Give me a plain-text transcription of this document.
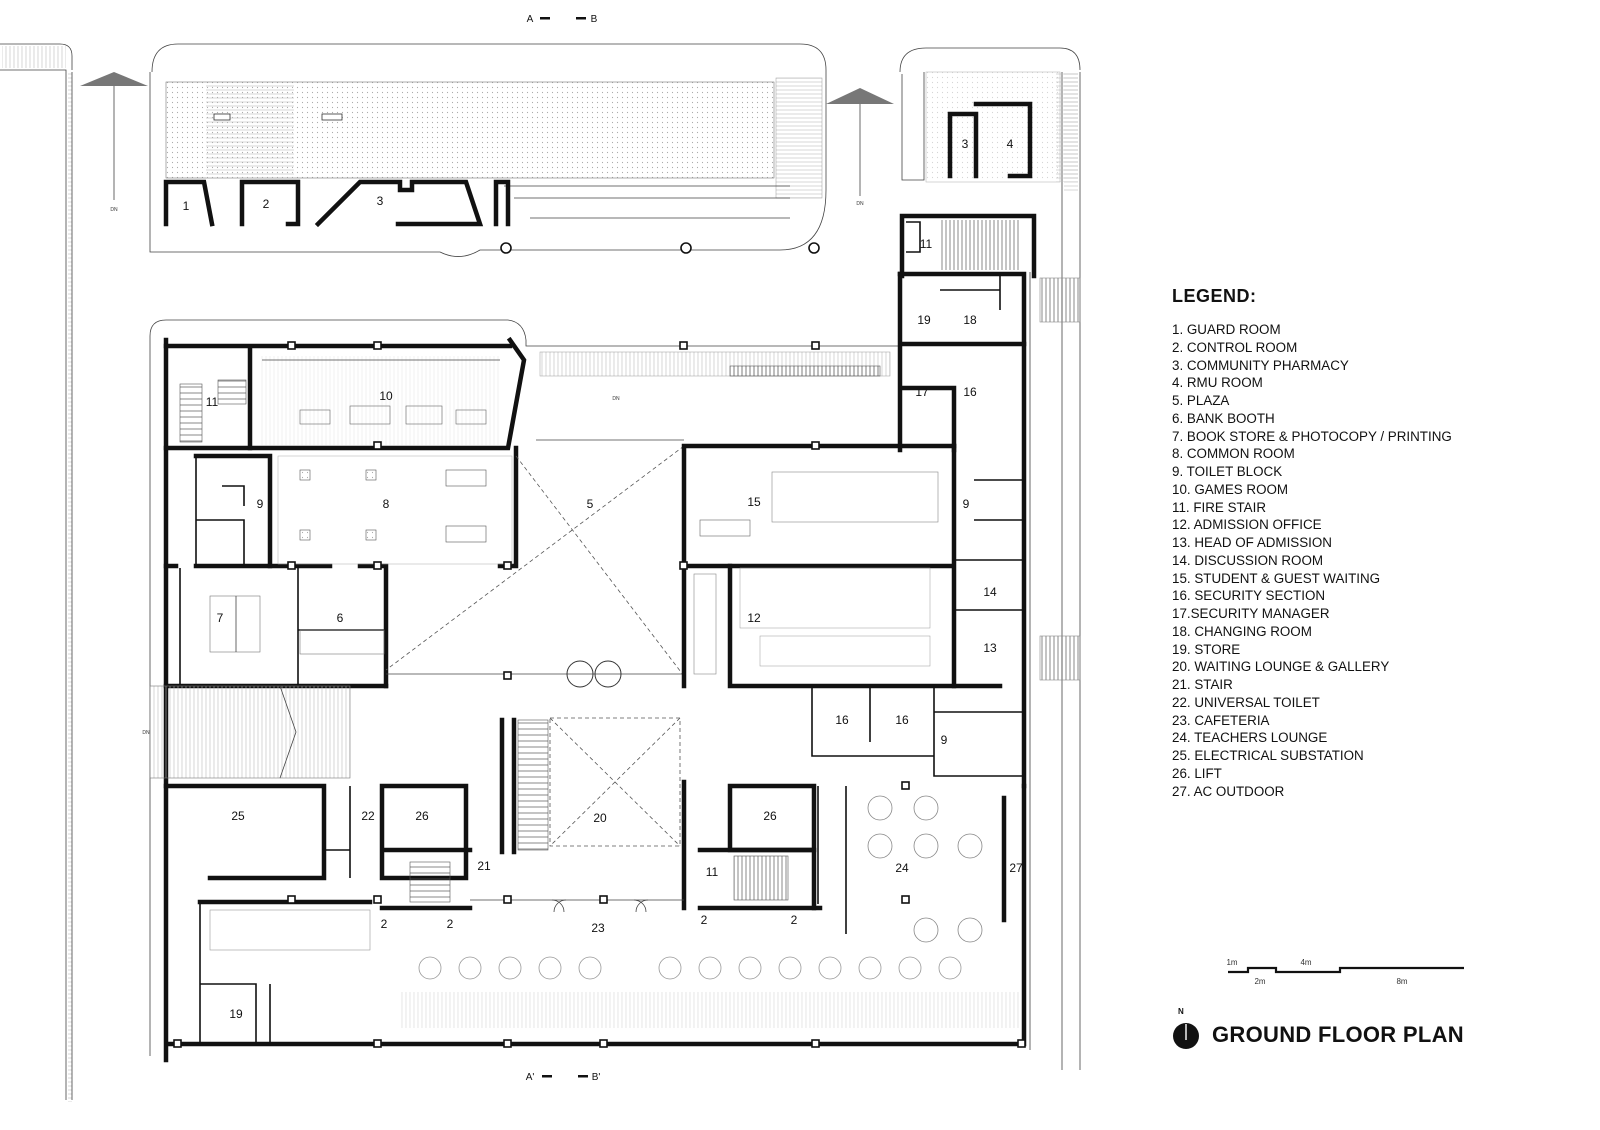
DN
DN
1	2	3
3	4
11
11	10
9	8
7	6
5
DN
15
12
14
13
19	18
17	16
9
16	16
9
DN
20
25	22	26
21
2	2
26
11	24	27
2	2
23
19
A	B
A'	B'
1m	4m
2m	8m
N
LEGEND:
1. GUARD ROOM
2. CONTROL ROOM
3. COMMUNITY PHARMACY
4. RMU ROOM
5. PLAZA
6. BANK BOOTH
7. BOOK STORE & PHOTOCOPY / PRINTING
8. COMMON ROOM
9. TOILET BLOCK
10. GAMES ROOM
11. FIRE STAIR
12. ADMISSION OFFICE
13. HEAD OF ADMISSION
14. DISCUSSION ROOM
15. STUDENT & GUEST WAITING
16. SECURITY SECTION
17.SECURITY MANAGER
18. CHANGING ROOM
19. STORE
20. WAITING LOUNGE & GALLERY
21. STAIR
22. UNIVERSAL TOILET
23. CAFETERIA
24. TEACHERS LOUNGE
25. ELECTRICAL SUBSTATION
26. LIFT
27. AC OUTDOOR
GROUND FLOOR PLAN
